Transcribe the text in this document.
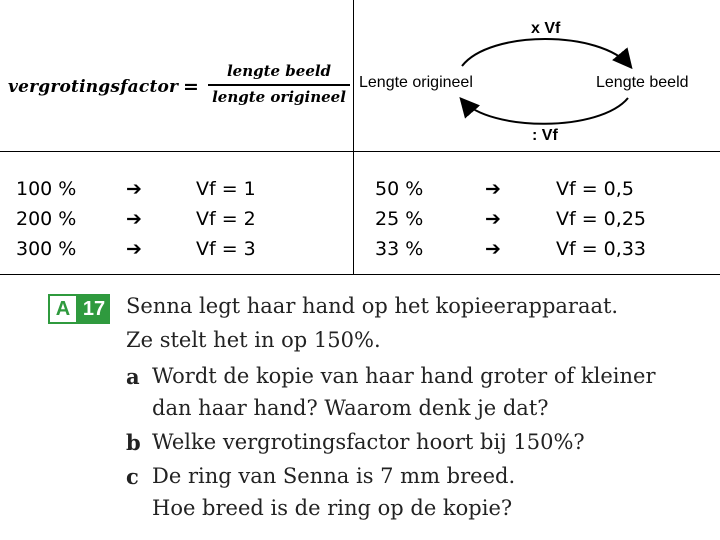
vergrotingsfactor =
lengte beeld
lengte origineel
x Vf
Lengte origineel	Lengte beeld
: Vf
100 %
200 %
300 %
➔
➔
➔
Vf = 1
Vf = 2
Vf = 3
50 %
25 %
33 %
➔
➔
➔
Vf = 0,5
Vf = 0,25
Vf = 0,33
A 17 Senna legt haar hand op het kopieerapparaat.
Ze stelt het in op 150%.
a Wordt de kopie van haar hand groter of kleiner
dan haar hand? Waarom denk je dat?
b Welke vergrotingsfactor hoort bij 150%?
c De ring van Senna is 7 mm breed.
Hoe breed is de ring op de kopie?
